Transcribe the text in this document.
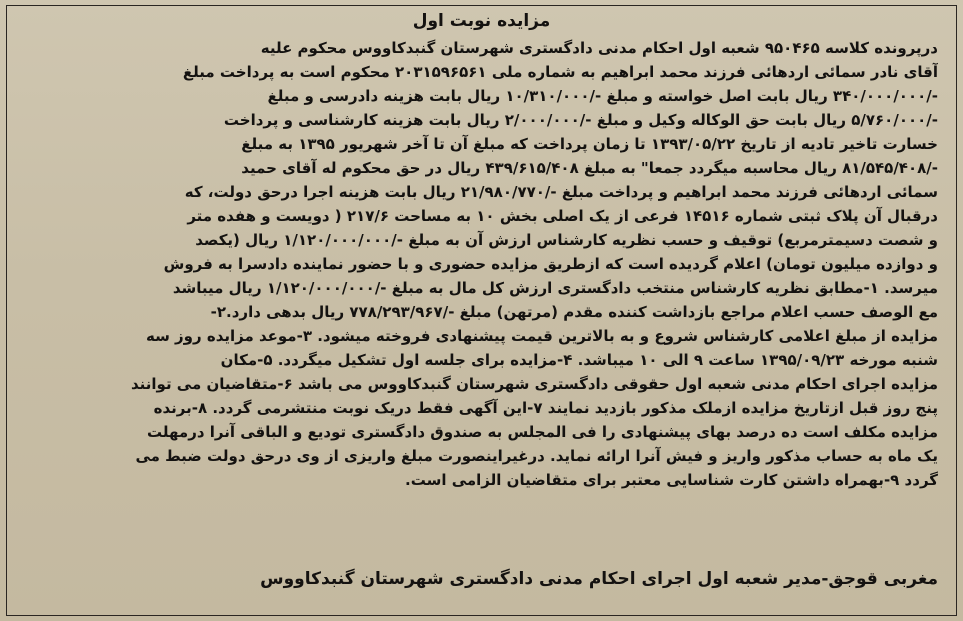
مزایده نوبت اول
درپرونده کلاسه ۹۵۰۴۶۵ شعبه اول احکام مدنی دادگستری شهرستان گنبدکاووس محکوم علیه
آقای نادر سمائی اردهائی فرزند محمد ابراهیم به شماره ملی ۲۰۳۱۵۹۶۵۶۱ محکوم است به پرداخت مبلغ
-/۳۴۰/۰۰۰/۰۰۰ ریال بابت اصل خواسته و مبلغ -/۱۰/۳۱۰/۰۰۰ ریال بابت هزینه دادرسی و مبلغ
-/۵/۷۶۰/۰۰۰ ریال بابت حق الوکاله وکیل و مبلغ -/۲/۰۰۰/۰۰۰ ریال بابت هزینه کارشناسی و پرداخت
خسارت تاخیر تادیه از تاریخ ۱۳۹۳/۰۵/۲۲ تا زمان پرداخت که مبلغ آن تا آخر شهریور ۱۳۹۵ به مبلغ
-/۸۱/۵۴۵/۴۰۸ ریال محاسبه میگردد جمعا" به مبلغ ۴۳۹/۶۱۵/۴۰۸ ریال در حق محکوم له آقای حمید
سمائی اردهائی فرزند محمد ابراهیم و پرداخت مبلغ -/۲۱/۹۸۰/۷۷۰ ریال بابت هزینه اجرا درحق دولت، که
درقبال آن پلاک ثبتی شماره ۱۴۵۱۶ فرعی از یک اصلی بخش ۱۰ به مساحت ۲۱۷/۶ ( دویست و هفده متر
و شصت دسیمترمربع) توقیف و حسب نظریه کارشناس ارزش آن به مبلغ -/۱/۱۲۰/۰۰۰/۰۰۰ ریال (یکصد
و دوازده میلیون تومان) اعلام گردیده است که ازطریق مزایده حضوری و با حضور نماینده دادسرا به فروش
میرسد. ۱-مطابق نظریه کارشناس منتخب دادگستری ارزش کل مال به مبلغ -/۱/۱۲۰/۰۰۰/۰۰۰ ریال میباشد
مع الوصف حسب اعلام مراجع بازداشت کننده مقدم (مرتهن) مبلغ -/۷۷۸/۲۹۳/۹۶۷ ریال بدهی دارد.۲-
مزایده از مبلغ اعلامی کارشناس شروع و به بالاترین قیمت پیشنهادی فروخته میشود. ۳-موعد مزایده روز سه
شنبه مورخه ۱۳۹۵/۰۹/۲۳ ساعت ۹ الی ۱۰ میباشد. ۴-مزایده برای جلسه اول تشکیل میگردد. ۵-مکان
مزایده اجرای احکام مدنی شعبه اول حقوقی دادگستری شهرستان گنبدکاووس می باشد ۶-متقاضیان می توانند
پنج روز قبل ازتاریخ مزایده ازملک مذکور بازدید نمایند ۷-این آگهی فقط دریک نوبت منتشرمی گردد. ۸-برنده
مزایده مکلف است ده درصد بهای پیشنهادی را فی المجلس به صندوق دادگستری تودیع و الباقی آنرا درمهلت
یک ماه به حساب مذکور واریز و فیش آنرا ارائه نماید. درغیراینصورت مبلغ واریزی از وی درحق دولت ضبط می
گردد ۹-بهمراه داشتن کارت شناسایی معتبر برای متقاضیان الزامی است.
مغربی قوجق-مدیر شعبه اول اجرای احکام مدنی دادگستری شهرستان گنبدکاووس
